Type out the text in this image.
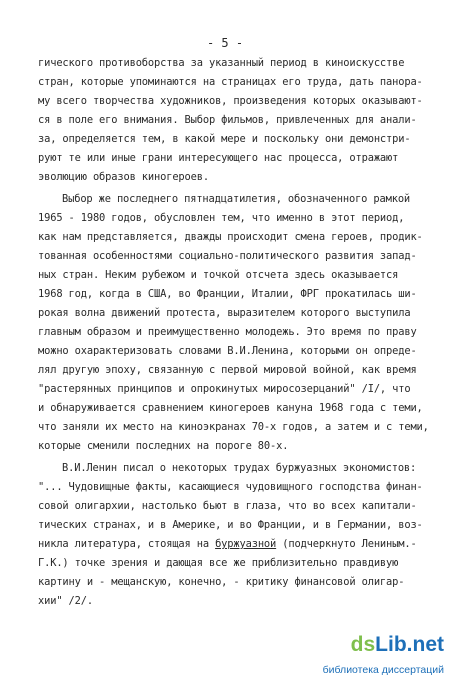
- 5 -
гического противоборства за указанный период в киноискусстве
стран, которые упоминаются на страницах его труда, дать панора-
му всего творчества художников, произведения которых оказывают-
ся в поле его внимания. Выбор фильмов, привлеченных для анали-
за, определяется тем, в какой мере и поскольку они демонстри-
руют те или иные грани интересующего нас процесса, отражают
эволюцию образов киногероев.
Выбор же последнего пятнадцатилетия, обозначенного рамкой
1965 - 1980 годов, обусловлен тем, что именно в этот период,
как нам представляется, дважды происходит смена героев, продик-
тованная особенностями социально-политического развития запад-
ных стран. Неким рубежом и точкой отсчета здесь оказывается
1968 год, когда в США, во Франции, Италии, ФРГ прокатилась ши-
рокая волна движений протеста, выразителем которого выступила
главным образом и преимущественно молодежь. Это время по праву
можно охарактеризовать словами В.И.Ленина, которыми он опреде-
лял другую эпоху, связанную с первой мировой войной, как время
"растерянных принципов и опрокинутых миросозерцаний" /I/, что
и обнаруживается сравнением киногероев кануна 1968 года с теми,
что заняли их место на киноэкранах 70-х годов, а затем и с теми,
которые сменили последних на пороге 80-х.
В.И.Ленин писал о некоторых трудах буржуазных экономистов:
"... Чудовищные факты, касающиеся чудовищного господства финан-
совой олигархии, настолько бьют в глаза, что во всех капитали-
тических странах, и в Америке, и во Франции, и в Германии, воз-
никла литература, стоящая на буржуазной (подчеркнуто Лениным.-
Г.К.) точке зрения и дающая все же приблизительно правдивую
картину и - мещанскую, конечно, - критику финансовой олигар-
хии" /2/.
ds Lib .net
библиотека диссертаций
